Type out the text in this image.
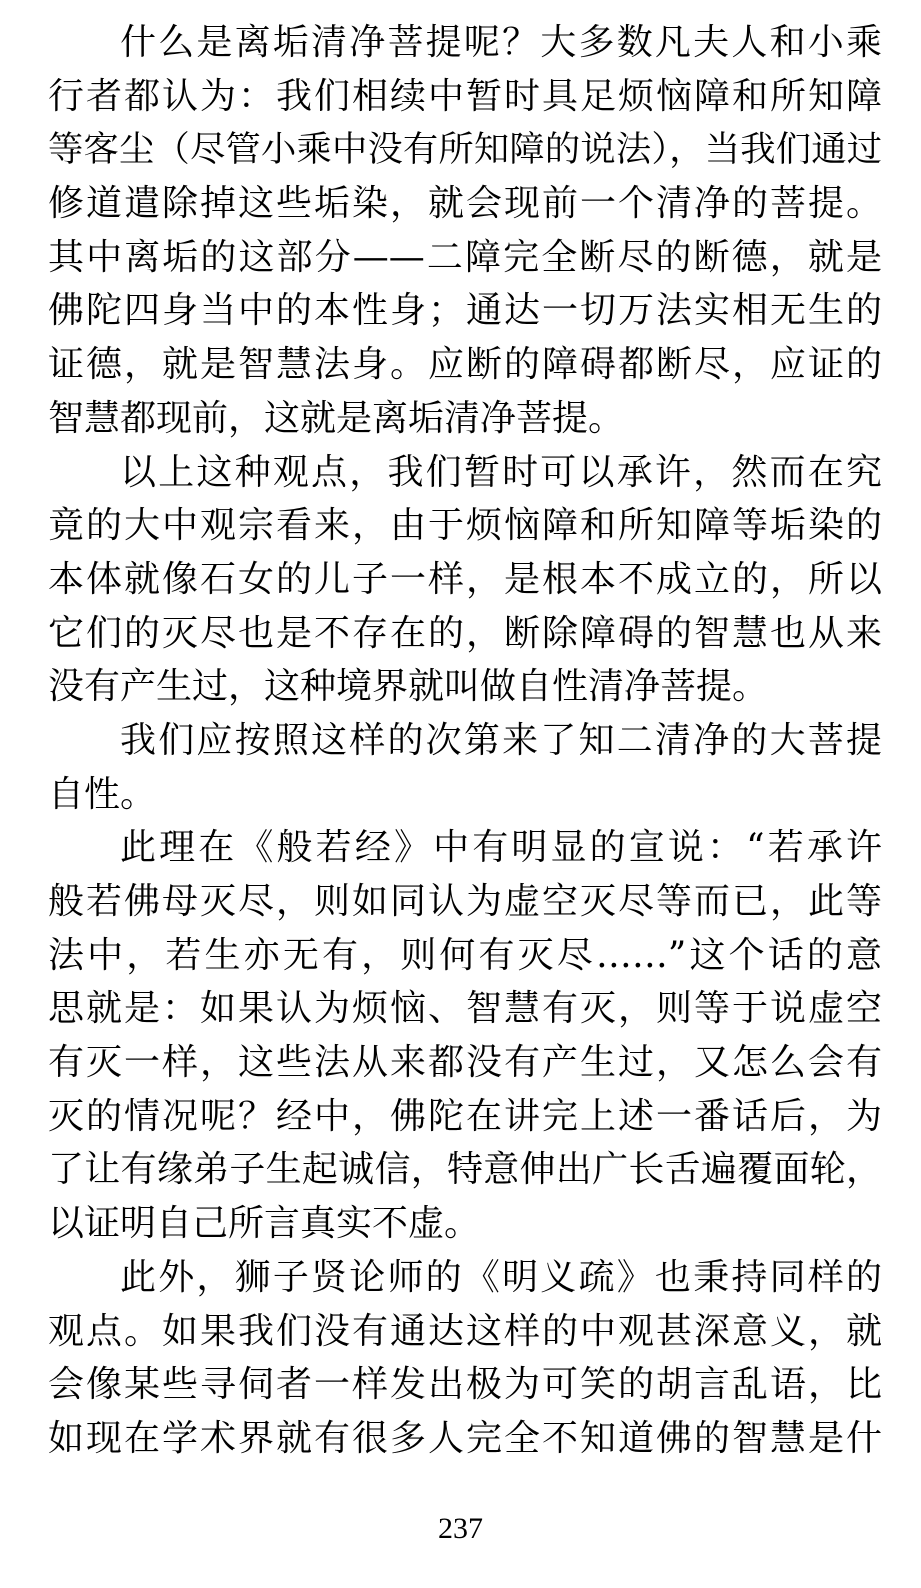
什么是离垢清净菩提呢？大多数凡夫人和小乘
行者都认为：我们相续中暂时具足烦恼障和所知障
等客尘（尽管小乘中没有所知障的说法），当我们通过
修道遣除掉这些垢染，就会现前一个清净的菩提。
其中离垢的这部分——二障完全断尽的断德，就是
佛陀四身当中的本性身；通达一切万法实相无生的
证德，就是智慧法身。应断的障碍都断尽，应证的
智慧都现前，这就是离垢清净菩提。
以上这种观点，我们暂时可以承许，然而在究
竟的大中观宗看来，由于烦恼障和所知障等垢染的
本体就像石女的儿子一样，是根本不成立的，所以
它们的灭尽也是不存在的，断除障碍的智慧也从来
没有产生过，这种境界就叫做自性清净菩提。
我们应按照这样的次第来了知二清净的大菩提
自性。
此理在《般若经》中有明显的宣说：“若承许
般若佛母灭尽，则如同认为虚空灭尽等而已，此等
法中，若生亦无有，则何有灭尽……”这个话的意
思就是：如果认为烦恼、智慧有灭，则等于说虚空
有灭一样，这些法从来都没有产生过，又怎么会有
灭的情况呢？经中，佛陀在讲完上述一番话后，为
了让有缘弟子生起诚信，特意伸出广长舌遍覆面轮，
以证明自己所言真实不虚。
此外，狮子贤论师的《明义疏》也秉持同样的
观点。如果我们没有通达这样的中观甚深意义，就
会像某些寻伺者一样发出极为可笑的胡言乱语，比
如现在学术界就有很多人完全不知道佛的智慧是什
237
